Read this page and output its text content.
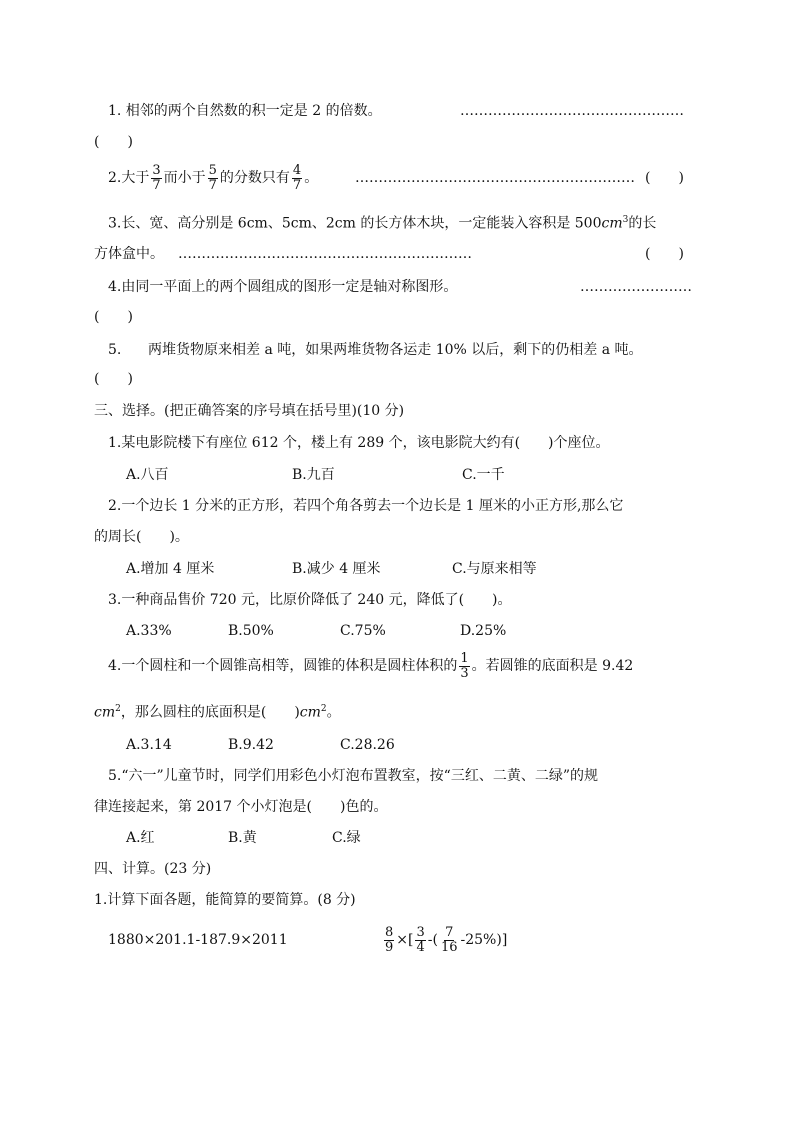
1. 相邻的两个自然数的积一定是 2 的倍数。	…………………………………………
(　　)
2.大于 $\frac{3}{7}$ 而小于 $\frac{5}{7}$ 的分数只有 $\frac{4}{7}$ 。	…………………………………………………… (　　)
3.长、宽、高分别是 6cm、5cm、2cm 的长方体木块，一定能装入容积是 $500cm^3$的长
方体盒中。 ………………………………………………………	(　　)
4.由同一平面上的两个圆组成的图形一定是轴对称图形。	……………………
(　　)
5. 两堆货物原来相差 a 吨，如果两堆货物各运走 10% 以后，剩下的仍相差 a 吨。
(　　)
三、选择。(把正确答案的序号填在括号里)(10 分)
1.某电影院楼下有座位 612 个，楼上有 289 个，该电影院大约有(　　)个座位。
A.八百	B.九百	C.一千
2.一个边长 1 分米的正方形，若四个角各剪去一个边长是 1 厘米的小正方形,那么它
的周长(　　)。
A.增加 4 厘米	B.减少 4 厘米	C.与原来相等
3.一种商品售价 720 元，比原价降低了 240 元，降低了(　　)。
A.33%	B.50%	C.75%	D.25%
4.一个圆柱和一个圆锥高相等，圆锥的体积是圆柱体积的 $\frac{1}{3}$ 。若圆锥的底面积是 9.42
$cm^2$，那么圆柱的底面积是(　　)$cm^2$。
A.3.14	B.9.42	C.28.26
5.“六一”儿童节时，同学们用彩色小灯泡布置教室，按“三红、二黄、二绿”的规
律连接起来，第 2017 个小灯泡是(　　)色的。
A.红	B.黄	C.绿
四、计算。(23 分)
1.计算下面各题，能简算的要简算。(8 分)
1880×201.1-187.9×2011	$\frac{8}{9}$ ×[ $\frac{3}{4}$ -( $\frac{7}{16} -25\%$)]
